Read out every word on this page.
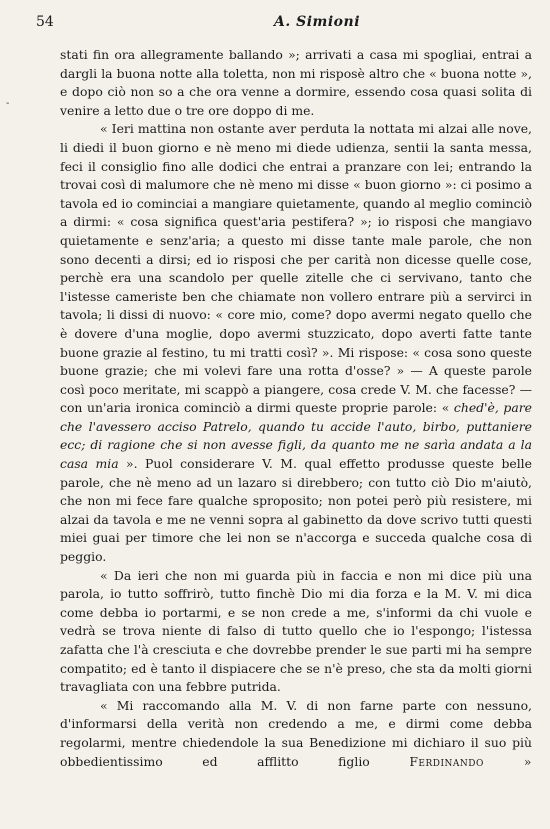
54	A. Simioni
-

stati fin ora allegramente ballando »; arrivati a casa mi spogliai, entrai a dargli la buona notte alla toletta, non mi risposè altro che « buona notte », e dopo ciò non so a che ora venne a dormire, essendo cosa quasi solita di venire a letto due o tre ore doppo di me.

« Ieri mattina non ostante aver perduta la nottata mi alzai alle nove, li diedi il buon giorno e nè meno mi diede udienza, sentii la santa messa, feci il consiglio fino alle dodici che entrai a pranzare con lei; entrando la trovai così di malumore che nè meno mi disse « buon giorno »: ci posimo a tavola ed io cominciai a mangiare quietamente, quando al meglio cominciò a dirmi: « cosa significa quest'aria pestifera? »; io risposi che mangiavo quietamente e senz'aria; a questo mi disse tante male parole, che non sono decenti a dirsi; ed io risposi che per carità non dicesse quelle cose, perchè era una scandolo per quelle zitelle che ci servivano, tanto che l'istesse cameriste ben che chiamate non vollero entrare più a servirci in tavola; li dissi di nuovo: « core mio, come? dopo avermi negato quello che è dovere d'una moglie, dopo avermi stuzzicato, dopo averti fatte tante buone grazie al festino, tu mi tratti così? ». Mi rispose: « cosa sono queste buone grazie; che mi volevi fare una rotta d'osse? » — A queste parole così poco meritate, mi scappò a piangere, cosa crede V. M. che facesse? — con un'aria ironica cominciò a dirmi queste proprie parole: « ched'è, pare che l'avessero acciso Patrelo, quando tu accide l'auto, birbo, puttaniere ecc; di ragione che si non avesse figli, da quanto me ne sarìa andata a la casa mia ». Puol considerare V. M. qual effetto produsse queste belle parole, che nè meno ad un lazaro si direbbero; con tutto ciò Dio m'aiutò, che non mi fece fare qualche sproposito; non potei però più resistere, mi alzai da tavola e me ne venni sopra al gabinetto da dove scrivo tutti questi miei guai per timore che lei non se n'accorga e succeda qualche cosa di peggio.

« Da ieri che non mi guarda più in faccia e non mi dice più una parola, io tutto soffrirò, tutto finchè Dio mi dia forza e la M. V. mi dica come debba io portarmi, e se non crede a me, s'informi da chi vuole e vedrà se trova niente di falso di tutto quello che io l'espongo; l'istessa zafatta che l'à cresciuta e che dovrebbe prender le sue parti mi ha sempre compatito; ed è tanto il dispiacere che se n'è preso, che sta da molti giorni travagliata con una febbre putrida.

« Mi raccomando alla M. V. di non farne parte con nessuno, d'informarsi della verità non credendo a me, e dirmi come debba regolarmi, mentre chiedendole la sua Benedizione mi dichiaro il suo più obbedientissimo ed afflitto figlio	Ferdinando »
